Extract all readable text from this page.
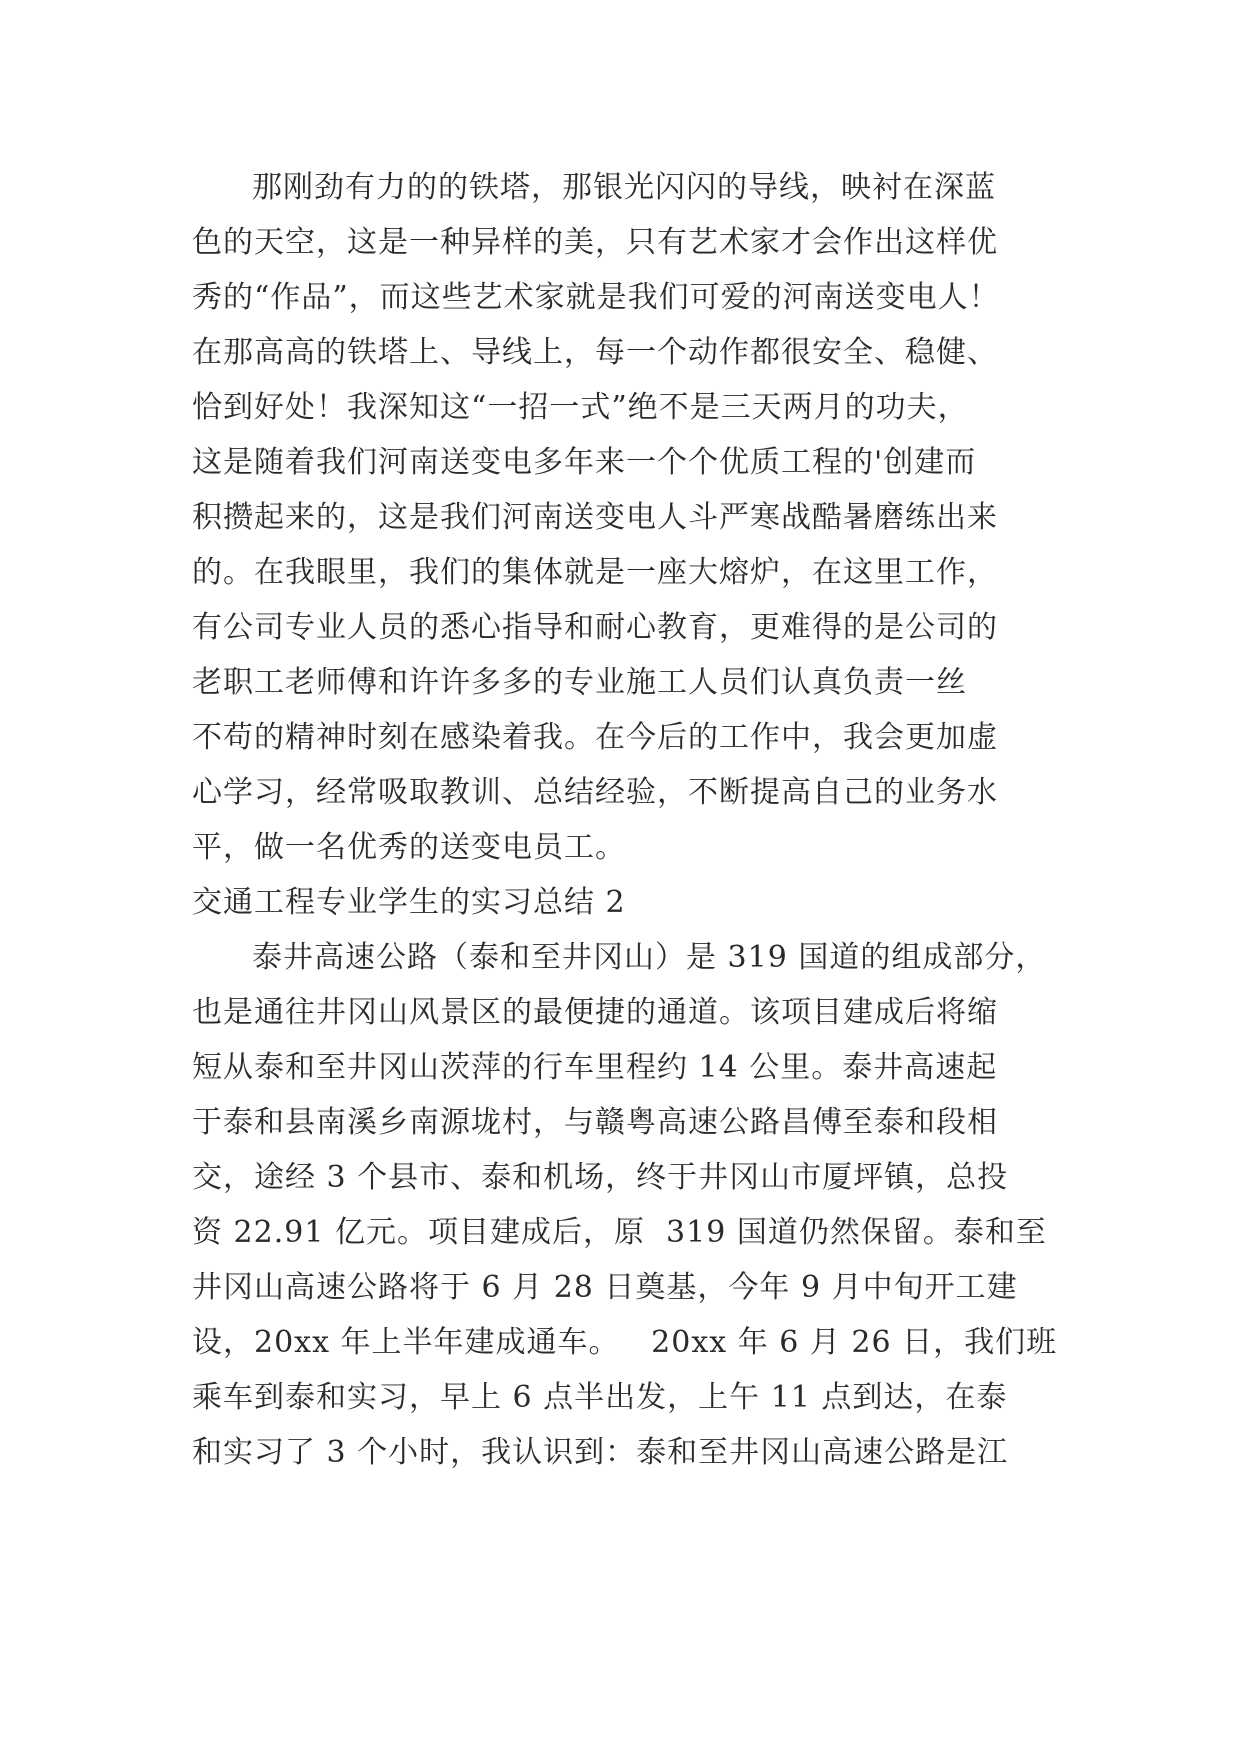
那刚劲有力的的铁塔，那银光闪闪的导线，映衬在深蓝
色的天空，这是一种异样的美，只有艺术家才会作出这样优
秀的“作品”，而这些艺术家就是我们可爱的河南送变电人！
在那高高的铁塔上、导线上，每一个动作都很安全、稳健、
恰到好处！我深知这“一招一式”绝不是三天两月的功夫，
这是随着我们河南送变电多年来一个个优质工程的'创建而
积攒起来的，这是我们河南送变电人斗严寒战酷暑磨练出来
的。在我眼里，我们的集体就是一座大熔炉，在这里工作，
有公司专业人员的悉心指导和耐心教育，更难得的是公司的
老职工老师傅和许许多多的专业施工人员们认真负责一丝
不苟的精神时刻在感染着我。在今后的工作中，我会更加虚
心学习，经常吸取教训、总结经验，不断提高自己的业务水
平，做一名优秀的送变电员工。
交通工程专业学生的实习总结 2
泰井高速公路（泰和至井冈山）是 319 国道的组成部分，
也是通往井冈山风景区的最便捷的通道。该项目建成后将缩
短从泰和至井冈山茨萍的行车里程约 14 公里。泰井高速起
于泰和县南溪乡南源垅村，与赣粤高速公路昌傅至泰和段相
交，途经 3 个县市、泰和机场，终于井冈山市厦坪镇，总投
资 22.91 亿元。项目建成后，原  319 国道仍然保留。泰和至
井冈山高速公路将于 6 月 28 日奠基，今年 9 月中旬开工建
设，20xx 年上半年建成通车。   20xx 年 6 月 26 日，我们班
乘车到泰和实习，早上 6 点半出发，上午 11 点到达，在泰
和实习了 3 个小时，我认识到：泰和至井冈山高速公路是江
